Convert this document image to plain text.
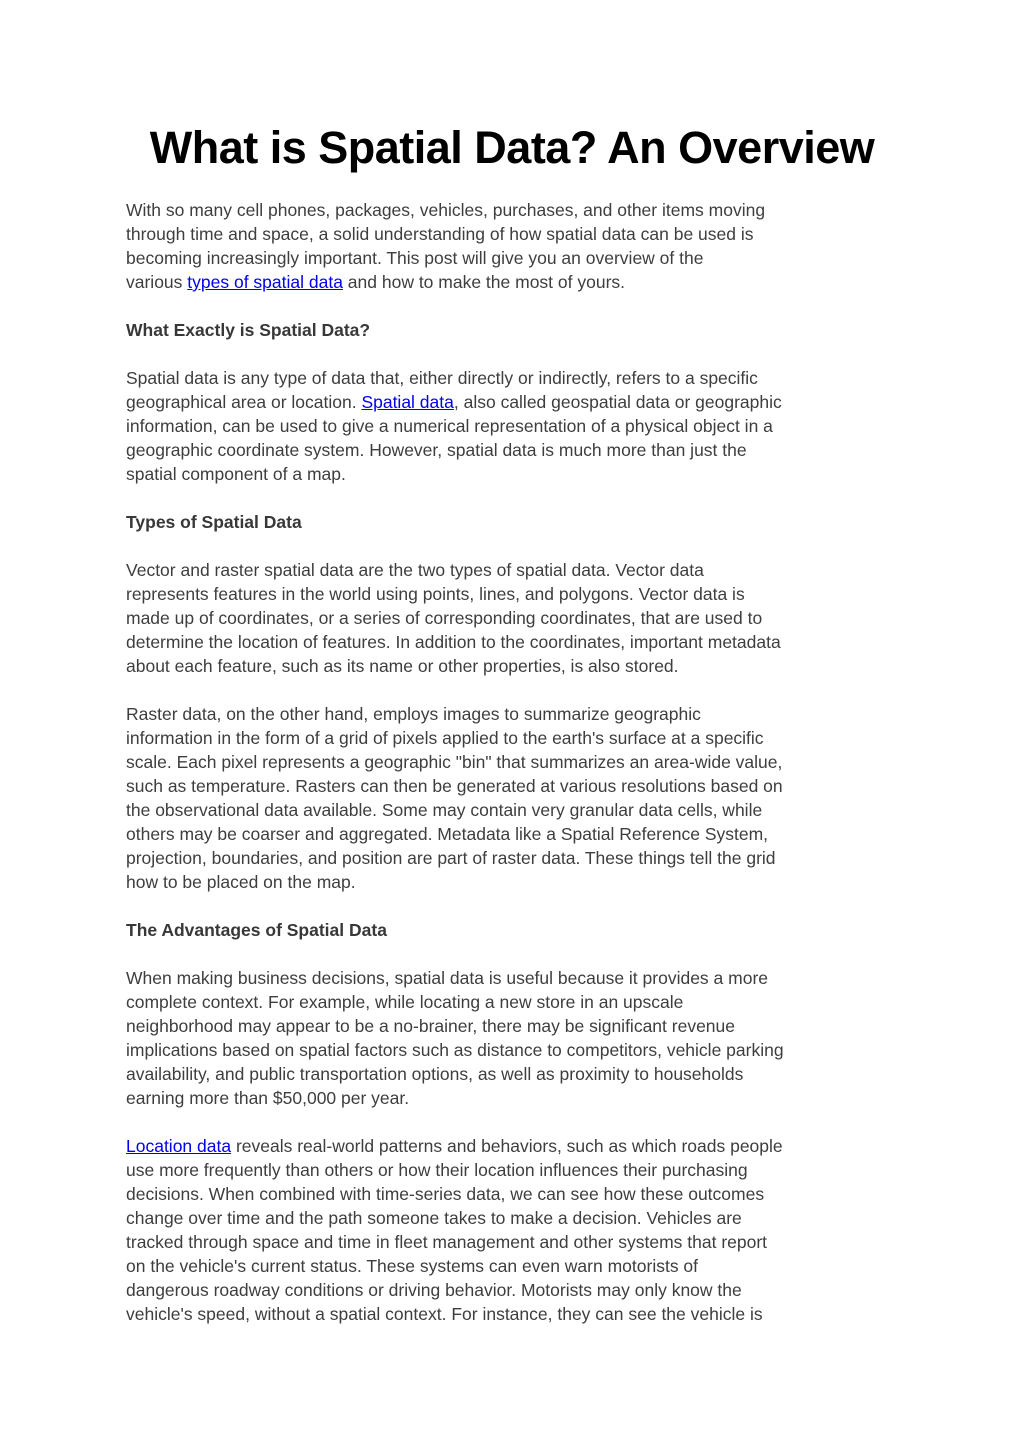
What is Spatial Data? An Overview

With so many cell phones, packages, vehicles, purchases, and other items moving
through time and space, a solid understanding of how spatial data can be used is
becoming increasingly important. This post will give you an overview of the
various types of spatial data and how to make the most of yours.

What Exactly is Spatial Data?

Spatial data is any type of data that, either directly or indirectly, refers to a specific
geographical area or location. Spatial data, also called geospatial data or geographic
information, can be used to give a numerical representation of a physical object in a
geographic coordinate system. However, spatial data is much more than just the
spatial component of a map.

Types of Spatial Data

Vector and raster spatial data are the two types of spatial data. Vector data
represents features in the world using points, lines, and polygons. Vector data is
made up of coordinates, or a series of corresponding coordinates, that are used to
determine the location of features. In addition to the coordinates, important metadata
about each feature, such as its name or other properties, is also stored.

Raster data, on the other hand, employs images to summarize geographic
information in the form of a grid of pixels applied to the earth's surface at a specific
scale. Each pixel represents a geographic "bin" that summarizes an area-wide value,
such as temperature. Rasters can then be generated at various resolutions based on
the observational data available. Some may contain very granular data cells, while
others may be coarser and aggregated. Metadata like a Spatial Reference System,
projection, boundaries, and position are part of raster data. These things tell the grid
how to be placed on the map.

The Advantages of Spatial Data

When making business decisions, spatial data is useful because it provides a more
complete context. For example, while locating a new store in an upscale
neighborhood may appear to be a no-brainer, there may be significant revenue
implications based on spatial factors such as distance to competitors, vehicle parking
availability, and public transportation options, as well as proximity to households
earning more than $50,000 per year.

Location data reveals real-world patterns and behaviors, such as which roads people
use more frequently than others or how their location influences their purchasing
decisions. When combined with time-series data, we can see how these outcomes
change over time and the path someone takes to make a decision. Vehicles are
tracked through space and time in fleet management and other systems that report
on the vehicle's current status. These systems can even warn motorists of
dangerous roadway conditions or driving behavior. Motorists may only know the
vehicle's speed, without a spatial context. For instance, they can see the vehicle is
